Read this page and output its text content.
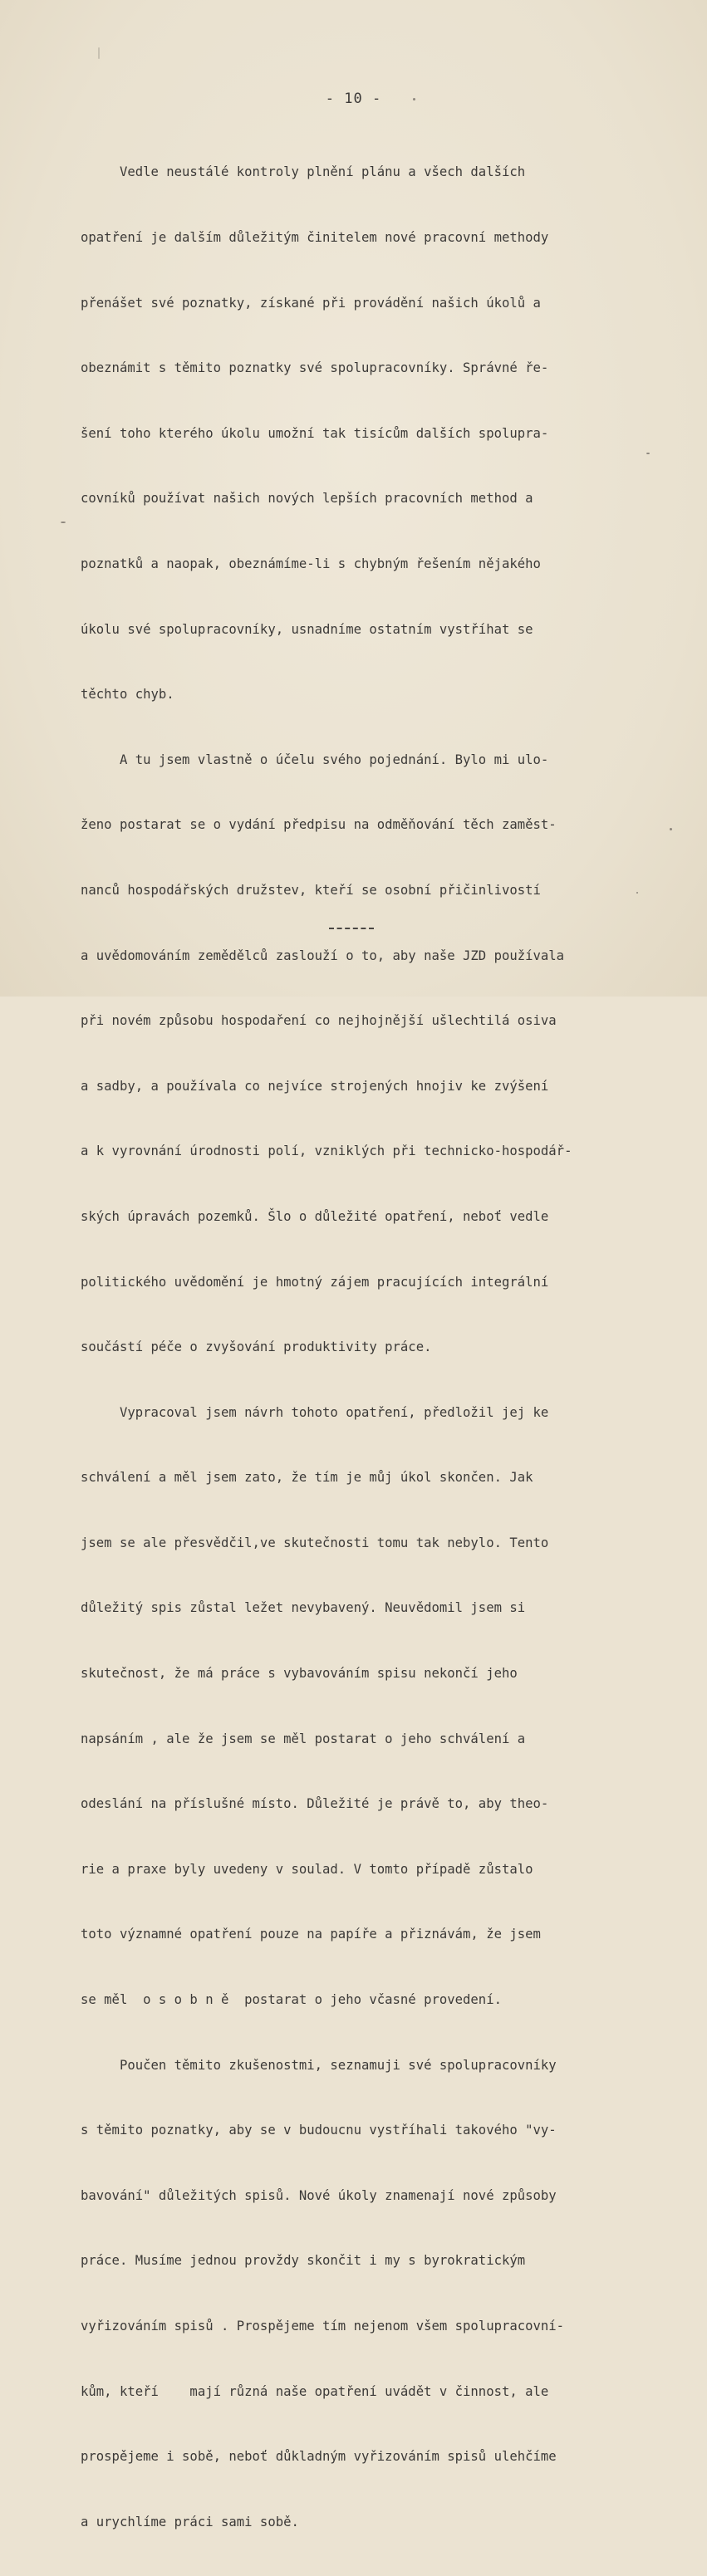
- 10 -

Vedle neustálé kontroly plnění plánu a všech dalších

opatření je dalším důležitým činitelem nové pracovní methody

přenášet své poznatky, získané při provádění našich úkolů a

obeznámit s těmito poznatky své spolupracovníky. Správné ře-

šení toho kterého úkolu umožní tak tisícům dalších spolupra-

covníků používat našich nových lepších pracovních method a

poznatků a naopak, obeznámíme-li s chybným řešením nějakého

úkolu své spolupracovníky, usnadníme ostatním vystříhat se

těchto chyb.

A tu jsem vlastně o účelu svého pojednání. Bylo mi ulo-

ženo postarat se o vydání předpisu na odměňování těch zaměst-

nanců hospodářských družstev, kteří se osobní přičinlivostí

a uvědomováním zemědělců zaslouží o to, aby naše JZD používala

při novém způsobu hospodaření co nejhojnější ušlechtilá osiva

a sadby, a používala co nejvíce strojených hnojiv ke zvýšení

a k vyrovnání úrodnosti polí, vzniklých při technicko-hospodář-

ských úpravách pozemků. Šlo o důležité opatření, neboť vedle

politického uvědomění je hmotný zájem pracujících integrální

součástí péče o zvyšování produktivity práce.

Vypracoval jsem návrh tohoto opatření, předložil jej ke

schválení a měl jsem zato, že tím je můj úkol skončen. Jak

jsem se ale přesvědčil,ve skutečnosti tomu tak nebylo. Tento

důležitý spis zůstal ležet nevybavený. Neuvědomil jsem si

skutečnost, že má práce s vybavováním spisu nekončí jeho

napsáním , ale že jsem se měl postarat o jeho schválení a

odeslání na příslušné místo. Důležité je právě to, aby theo-

rie a praxe byly uvedeny v soulad. V tomto případě zůstalo

toto významné opatření pouze na papíře a přiznávám, že jsem

se měl  o s o b n ě  postarat o jeho včasné provedení.

Poučen těmito zkušenostmi, seznamuji své spolupracovníky

s těmito poznatky, aby se v budoucnu vystříhali takového "vy-

bavování" důležitých spisů. Nové úkoly znamenají nové způsoby

práce. Musíme jednou provždy skončit i my s byrokratickým

vyřizováním spisů . Prospějeme tím nejenom všem spolupracovní-

kům, kteří    mají různá naše opatření uvádět v činnost, ale

prospějeme i sobě, neboť důkladným vyřizováním spisů ulehčíme

a urychlíme práci sami sobě.
